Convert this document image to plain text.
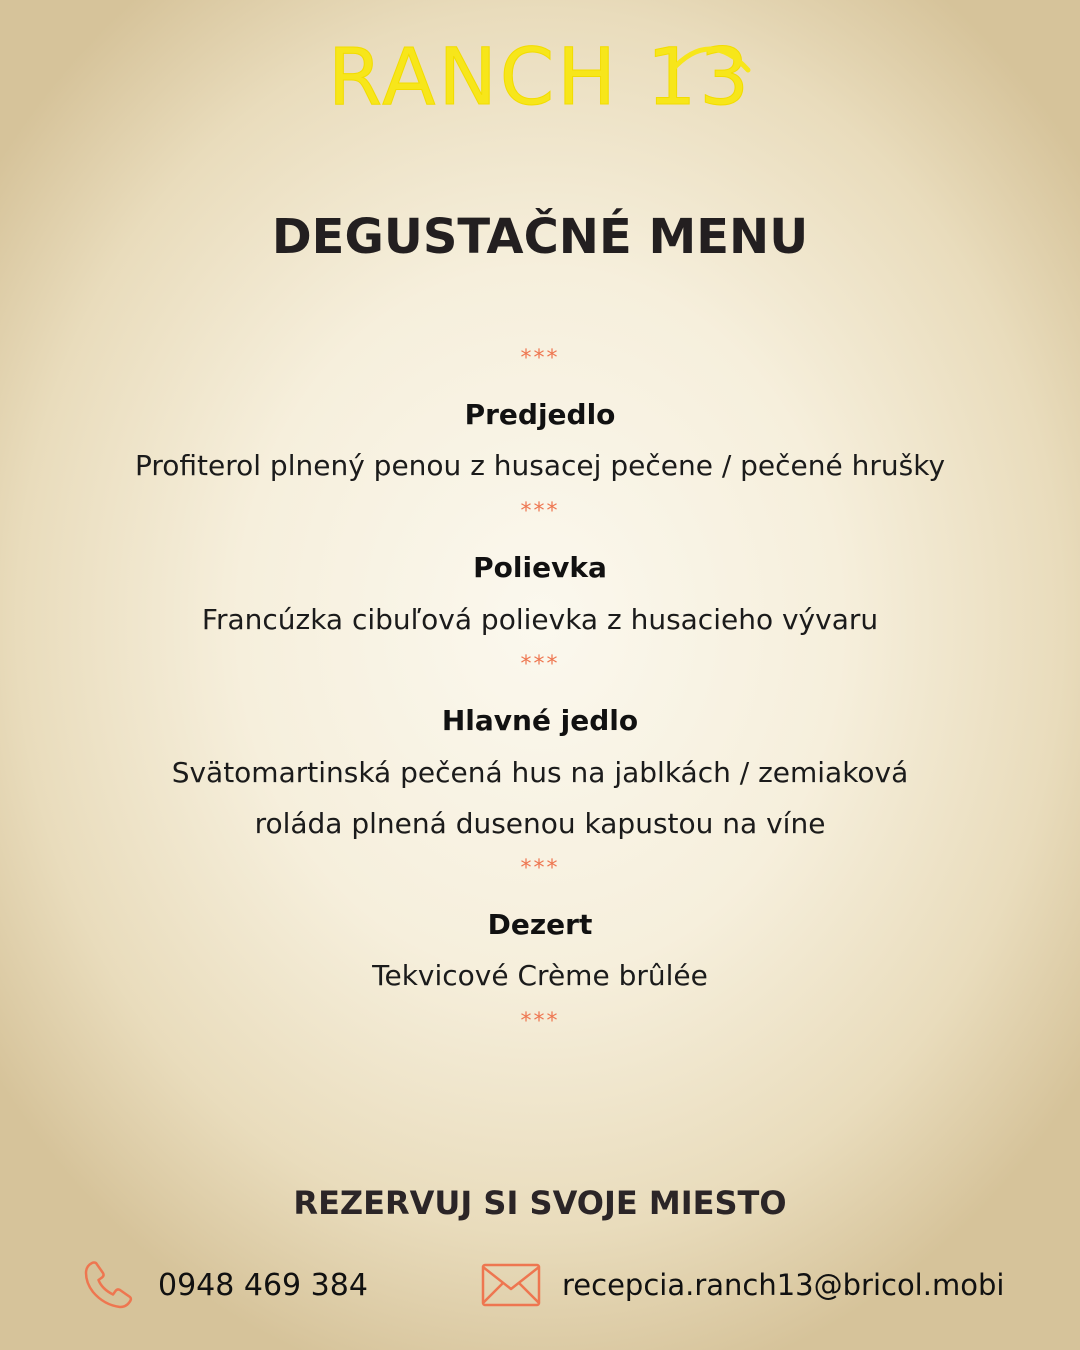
RANCH 13
DEGUSTAČNÉ MENU
***
Predjedlo
Profiterol plnený penou z husacej pečene / pečené hrušky
***
Polievka
Francúzka cibuľová polievka z husacieho vývaru
***
Hlavné jedlo
Svätomartinská pečená hus na jablkách / zemiaková
roláda plnená dusenou kapustou na víne
***
Dezert
Tekvicové Crème brûlée
***
REZERVUJ SI SVOJE MIESTO
0948 469 384	recepcia.ranch13@bricol.mobi
